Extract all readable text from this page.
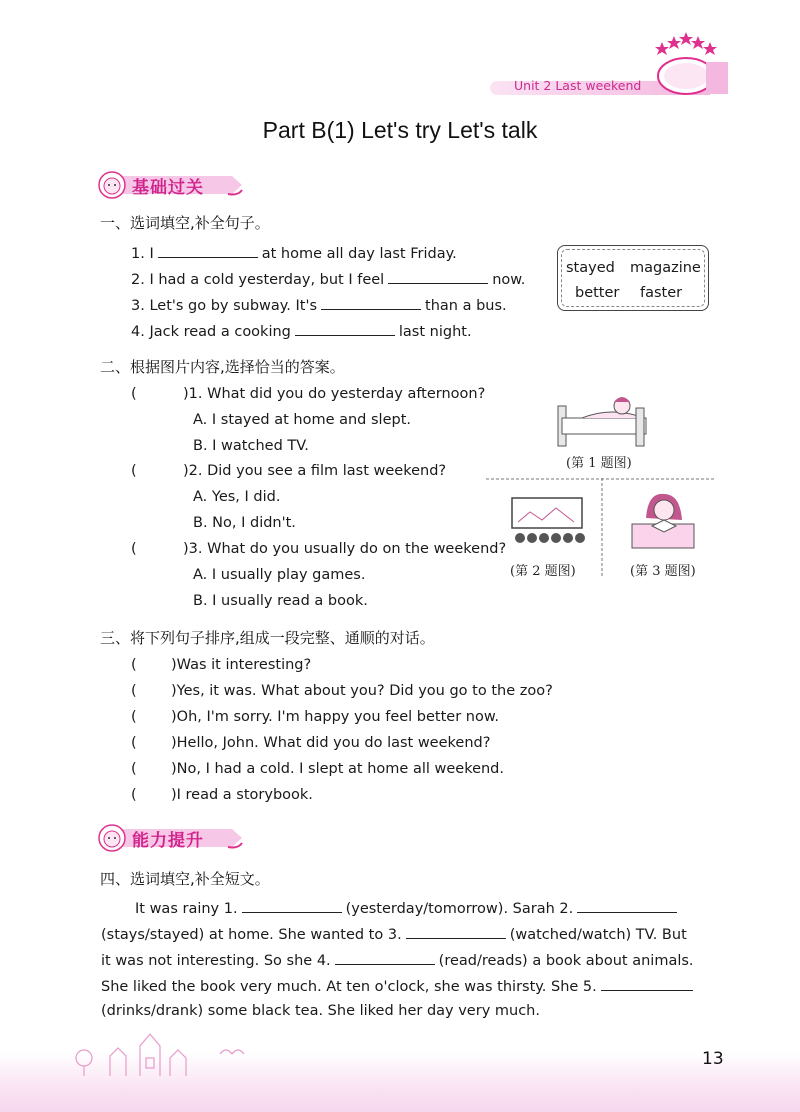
Unit 2 Last weekend
Part B(1) Let's try Let's talk
基础过关
一、选词填空,补全句子。
1. I	at home all day last Friday.
2. I had a cold yesterday, but I feel	now.
3. Let's go by subway. It's	than a bus.
4. Jack read a cooking	last night.
stayed magazine
better faster
二、根据图片内容,选择恰当的答案。
(	)1. What did you do yesterday afternoon?
A. I stayed at home and slept.
B. I watched TV.
(	)2. Did you see a film last weekend?
A. Yes, I did.
B. No, I didn't.
(	)3. What do you usually do on the weekend?
A. I usually play games.
B. I usually read a book.
(第 1 题图)
(第 2 题图)	(第 3 题图)
三、将下列句子排序,组成一段完整、通顺的对话。
( )Was it interesting?
( )Yes, it was. What about you? Did you go to the zoo?
( )Oh, I'm sorry. I'm happy you feel better now.
( )Hello, John. What did you do last weekend?
( )No, I had a cold. I slept at home all weekend.
( )I read a storybook.
能力提升
四、选词填空,补全短文。
It was rainy 1.	(yesterday/tomorrow). Sarah 2.
(stays/stayed) at home. She wanted to 3.	(watched/watch) TV. But
it was not interesting. So she 4.	(read/reads) a book about animals.
She liked the book very much. At ten o'clock, she was thirsty. She 5.
(drinks/drank) some black tea. She liked her day very much.
13
